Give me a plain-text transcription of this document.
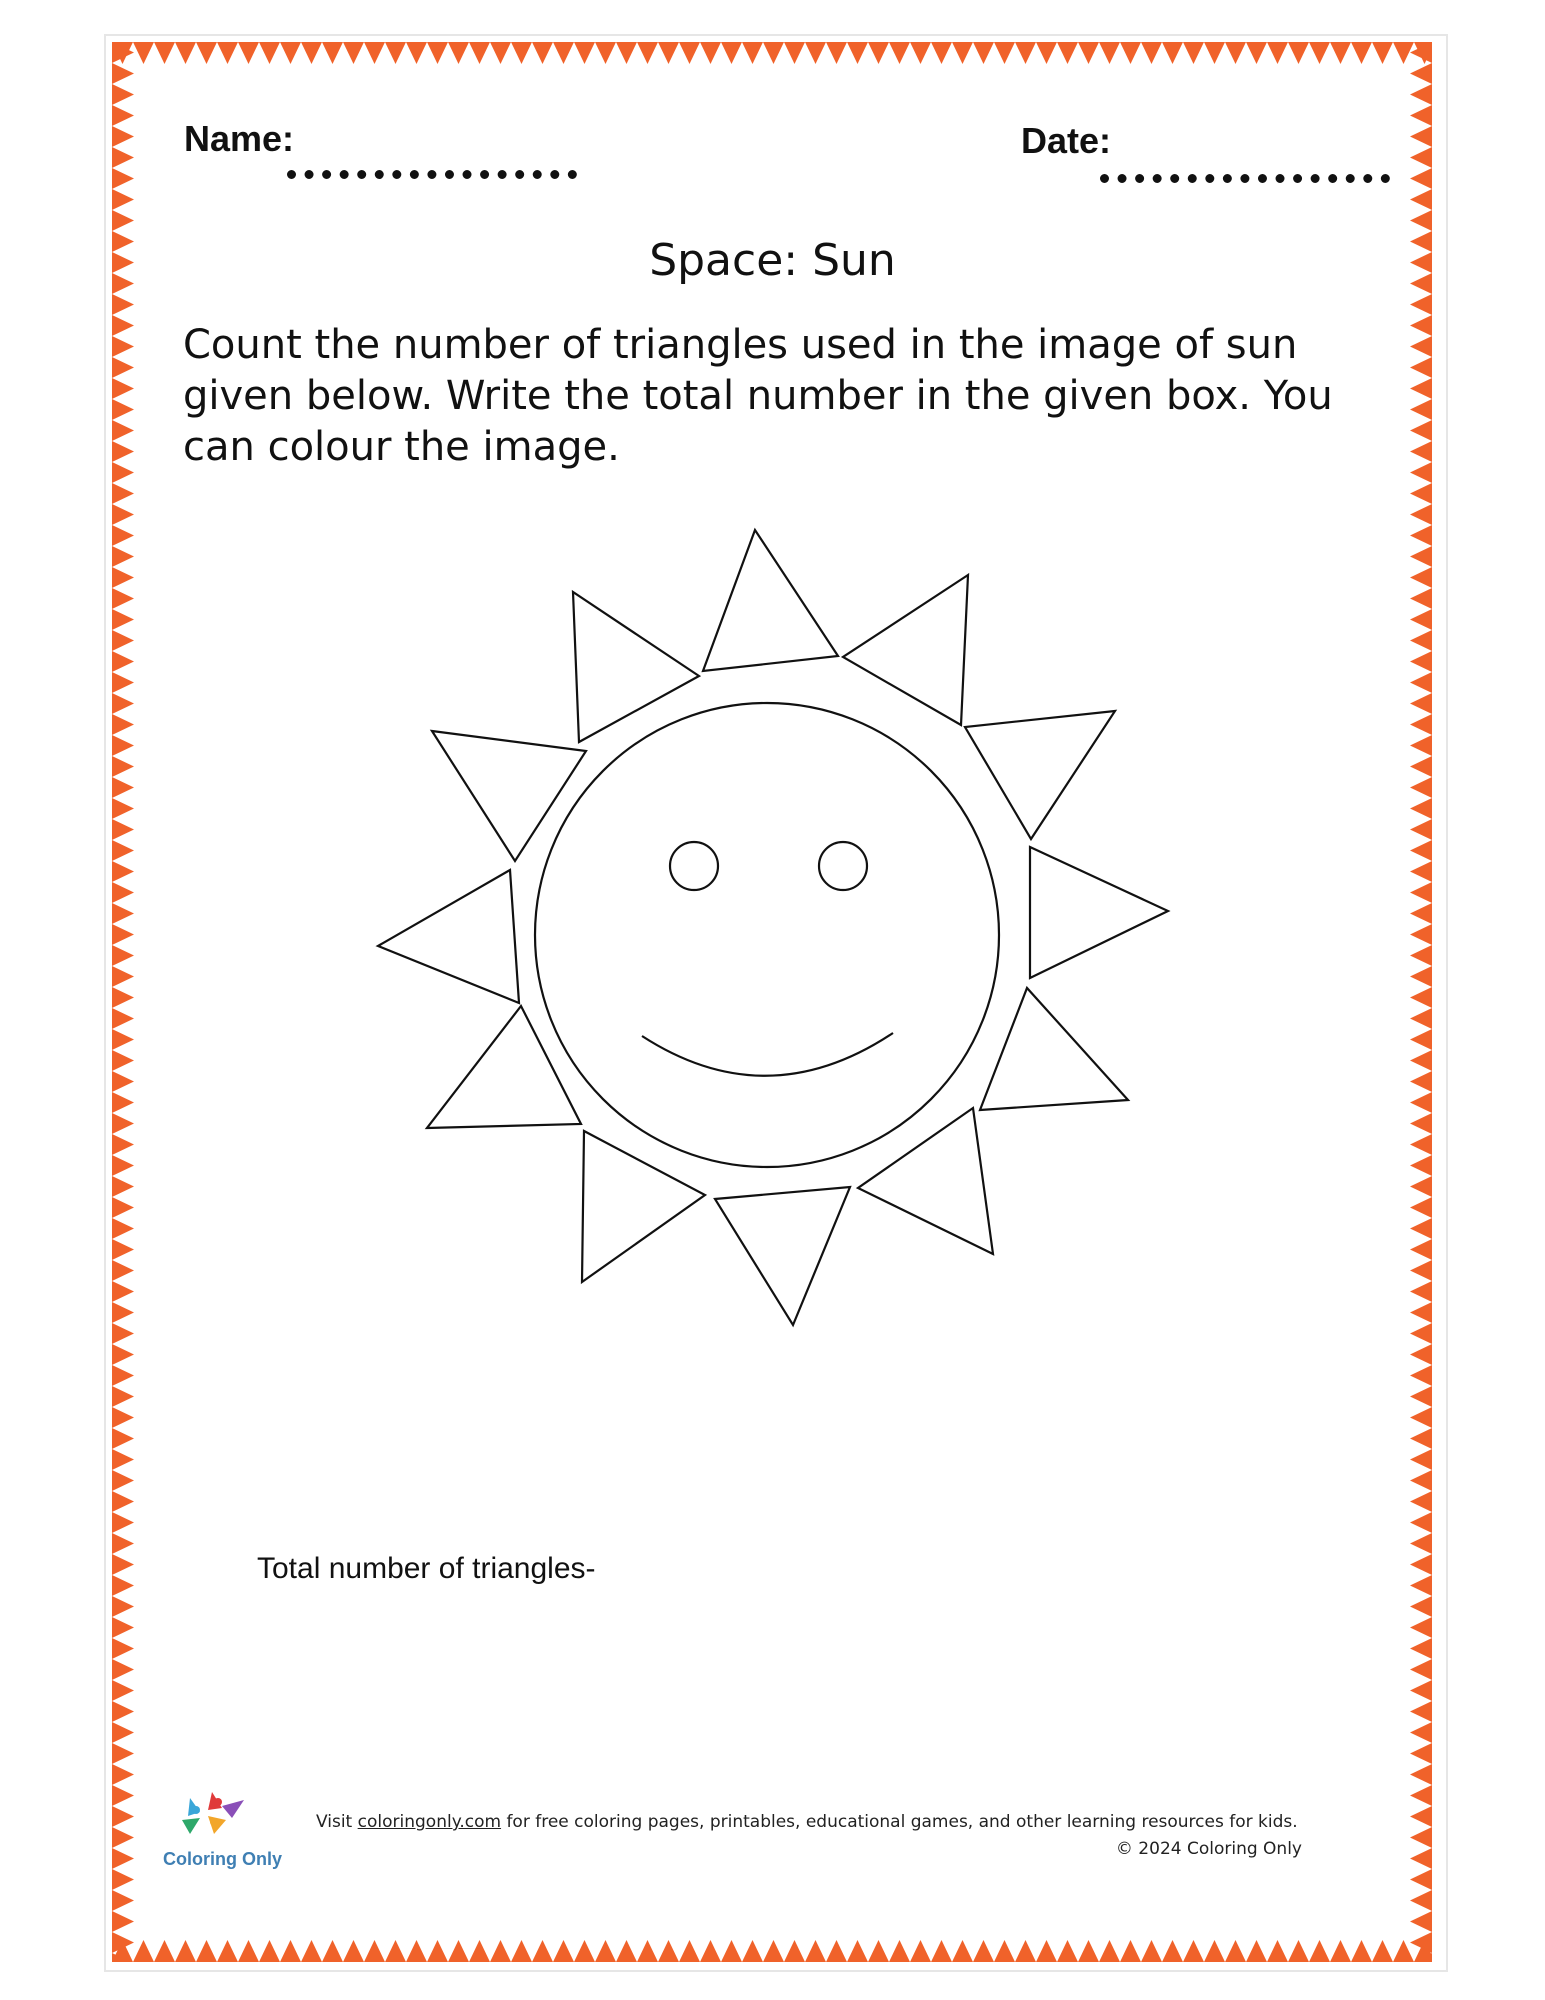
Name:	Date:
Space: Sun
Count the number of triangles used in the image of sun given below. Write the total number in the given box. You can colour the image.
Total number of triangles-
Coloring Only
Visit coloringonly.com for free coloring pages, printables, educational games, and other learning resources for kids.
© 2024 Coloring Only
